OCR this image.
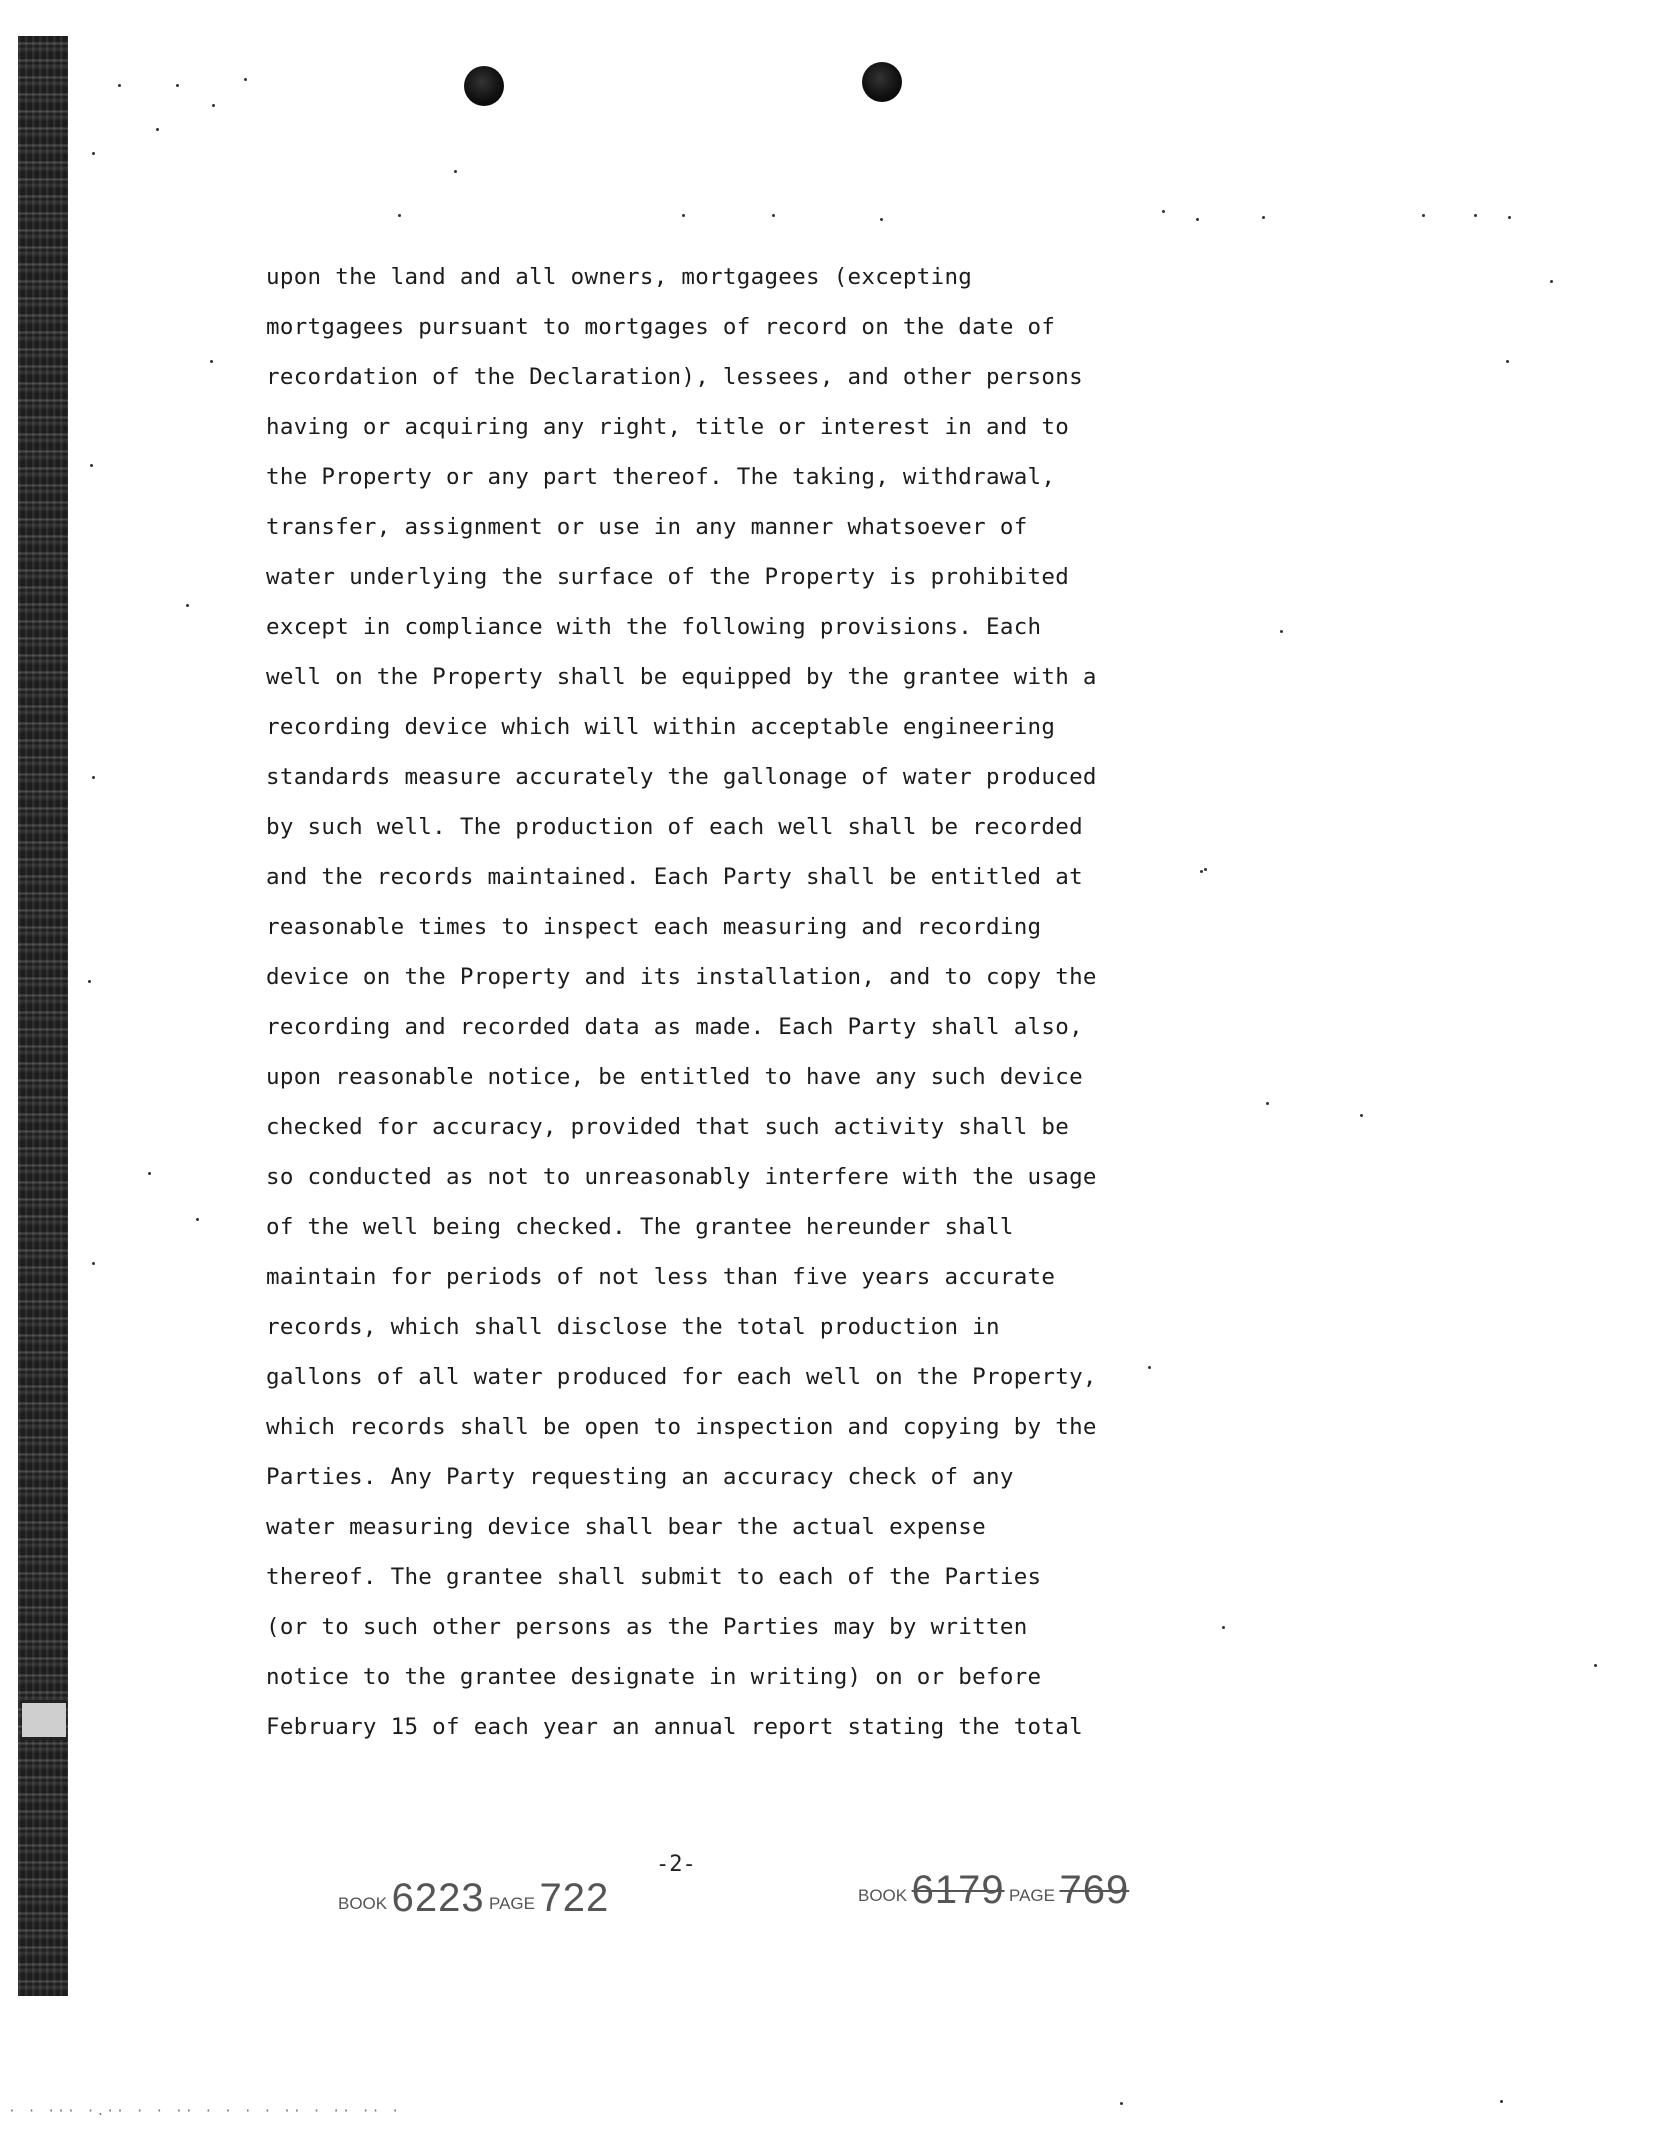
upon the land and all owners, mortgagees (excepting
mortgagees pursuant to mortgages of record on the date of
recordation of the Declaration), lessees, and other persons
having or acquiring any right, title or interest in and to
the Property or any part thereof. The taking, withdrawal,
transfer, assignment or use in any manner whatsoever of
water underlying the surface of the Property is prohibited
except in compliance with the following provisions. Each
well on the Property shall be equipped by the grantee with a
recording device which will within acceptable engineering
standards measure accurately the gallonage of water produced
by such well. The production of each well shall be recorded
and the records maintained. Each Party shall be entitled at
reasonable times to inspect each measuring and recording
device on the Property and its installation, and to copy the
recording and recorded data as made. Each Party shall also,
upon reasonable notice, be entitled to have any such device
checked for accuracy, provided that such activity shall be
so conducted as not to unreasonably interfere with the usage
of the well being checked. The grantee hereunder shall
maintain for periods of not less than five years accurate
records, which shall disclose the total production in
gallons of all water produced for each well on the Property,
which records shall be open to inspection and copying by the
Parties. Any Party requesting an accuracy check of any
water measuring device shall bear the actual expense
thereof. The grantee shall submit to each of the Parties
(or to such other persons as the Parties may by written
notice to the grantee designate in writing) on or before
February 15 of each year an annual report stating the total
-2-
BOOK 6223 PAGE 722	BOOK 6179 PAGE 769
· · ··· ·.·· · · ·· · · · · ·· · ·· ·· ·
